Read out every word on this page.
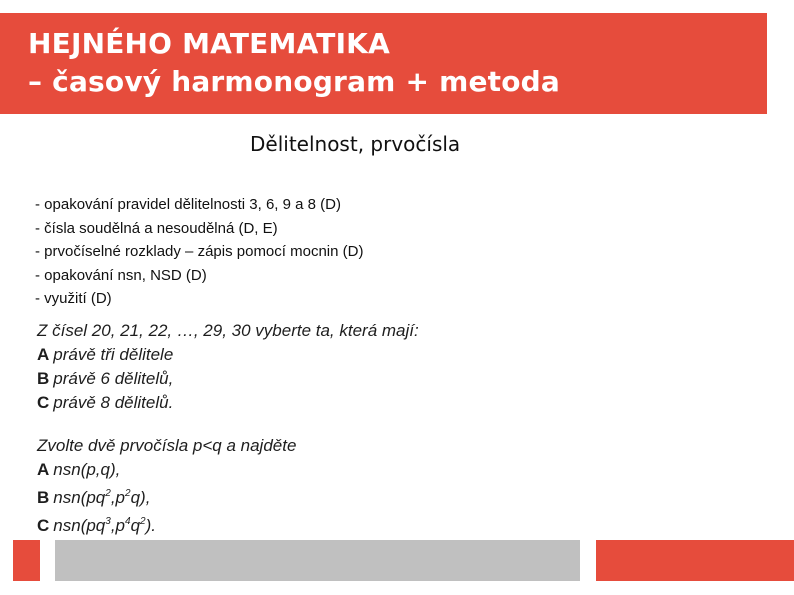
HEJNÉHO MATEMATIKA
– časový harmonogram + metoda
Dělitelnost, prvočísla
- opakování pravidel dělitelnosti 3, 6, 9 a 8 (D)
- čísla soudělná a nesoudělná (D, E)
- prvočíselné rozklady – zápis pomocí mocnin (D)
- opakování nsn, NSD (D)
- využití (D)
Z čísel 20, 21, 22, …, 29, 30 vyberte ta, která mají:
A právě tři dělitele
B právě 6 dělitelů,
C právě 8 dělitelů.
Zvolte dvě prvočísla p<q a najděte
A nsn(p,q),
B $nsn(pq^2,p^2q)$,
C $nsn(pq^3,p^4q^2)$.
